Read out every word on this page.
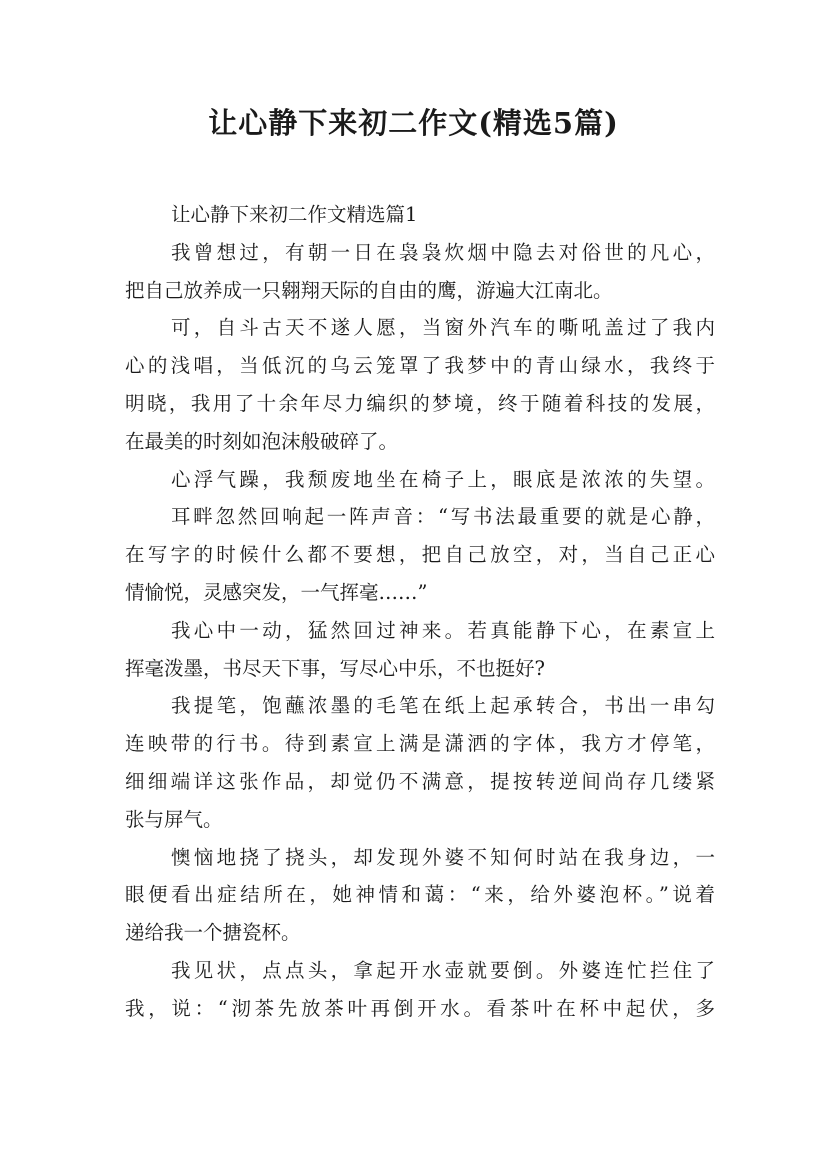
让心静下来初二作文(精选5篇)
让心静下来初二作文精选篇1
我曾想过，有朝一日在袅袅炊烟中隐去对俗世的凡心，
把自己放养成一只翱翔天际的自由的鹰，游遍大江南北。
可，自斗古天不遂人愿，当窗外汽车的嘶吼盖过了我内
心的浅唱，当低沉的乌云笼罩了我梦中的青山绿水，我终于
明晓，我用了十余年尽力编织的梦境，终于随着科技的发展，
在最美的时刻如泡沫般破碎了。
心浮气躁，我颓废地坐在椅子上，眼底是浓浓的失望。
耳畔忽然回响起一阵声音：“写书法最重要的就是心静，
在写字的时候什么都不要想，把自己放空，对，当自己正心
情愉悦，灵感突发，一气挥毫……”
我心中一动，猛然回过神来。若真能静下心，在素宣上
挥毫泼墨，书尽天下事，写尽心中乐，不也挺好?
我提笔，饱蘸浓墨的毛笔在纸上起承转合，书出一串勾
连映带的行书。待到素宣上满是潇洒的字体，我方才停笔，
细细端详这张作品，却觉仍不满意，提按转逆间尚存几缕紧
张与屏气。
懊恼地挠了挠头，却发现外婆不知何时站在我身边，一
眼便看出症结所在，她神情和蔼：“来，给外婆泡杯。”说着
递给我一个搪瓷杯。
我见状，点点头，拿起开水壶就要倒。外婆连忙拦住了
我，说：“沏茶先放茶叶再倒开水。看茶叶在杯中起伏，多
